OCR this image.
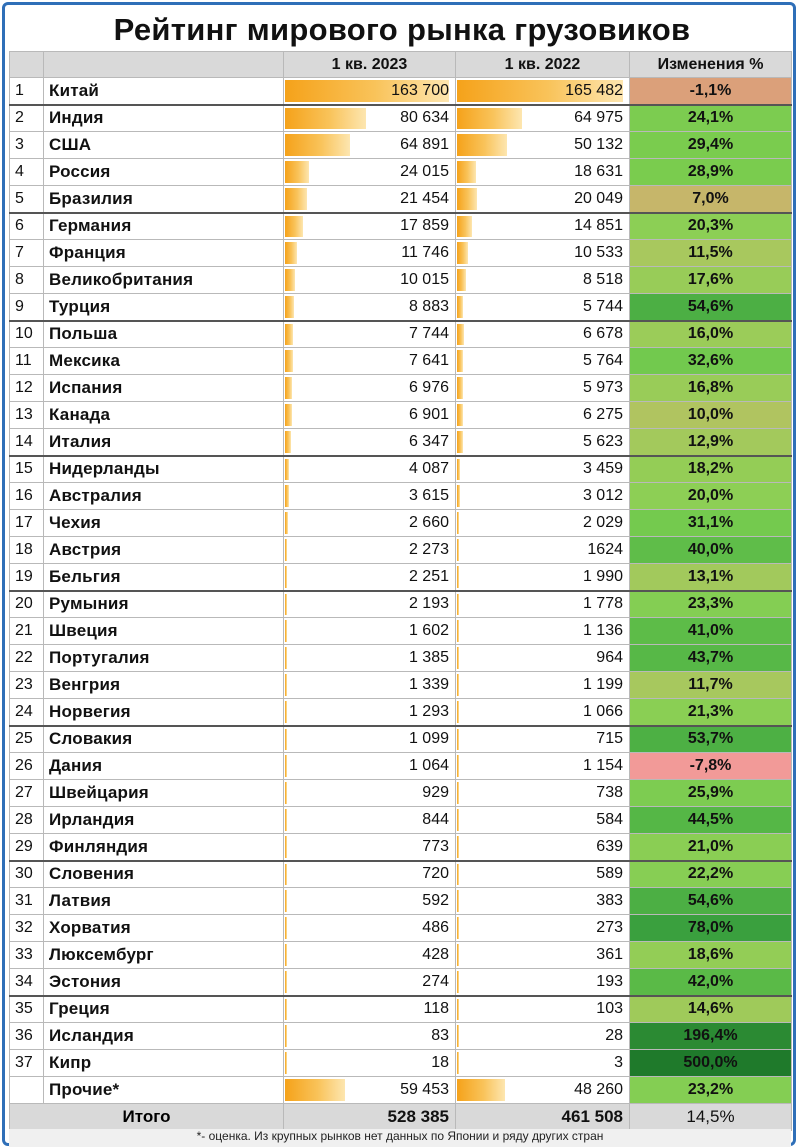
Рейтинг мирового рынка грузовиков
		1 кв. 2023	1 кв. 2022	Изменения %
1	Китай	163 700	165 482	-1,1%
2	Индия	80 634	64 975	24,1%
3	США	64 891	50 132	29,4%
4	Россия	24 015	18 631	28,9%
5	Бразилия	21 454	20 049	7,0%
6	Германия	17 859	14 851	20,3%
7	Франция	11 746	10 533	11,5%
8	Великобритания	10 015	8 518	17,6%
9	Турция	8 883	5 744	54,6%
10	Польша	7 744	6 678	16,0%
11	Мексика	7 641	5 764	32,6%
12	Испания	6 976	5 973	16,8%
13	Канада	6 901	6 275	10,0%
14	Италия	6 347	5 623	12,9%
15	Нидерланды	4 087	3 459	18,2%
16	Австралия	3 615	3 012	20,0%
17	Чехия	2 660	2 029	31,1%
18	Австрия	2 273	1624	40,0%
19	Бельгия	2 251	1 990	13,1%
20	Румыния	2 193	1 778	23,3%
21	Швеция	1 602	1 136	41,0%
22	Португалия	1 385	964	43,7%
23	Венгрия	1 339	1 199	11,7%
24	Норвегия	1 293	1 066	21,3%
25	Словакия	1 099	715	53,7%
26	Дания	1 064	1 154	-7,8%
27	Швейцария	929	738	25,9%
28	Ирландия	844	584	44,5%
29	Финляндия	773	639	21,0%
30	Словения	720	589	22,2%
31	Латвия	592	383	54,6%
32	Хорватия	486	273	78,0%
33	Люксембург	428	361	18,6%
34	Эстония	274	193	42,0%
35	Греция	118	103	14,6%
36	Исландия	83	28	196,4%
37	Кипр	18	3	500,0%
	Прочие*	59 453	48 260	23,2%
Итого		528 385	461 508	14,5%
*- оценка. Из крупных рынков нет данных по Японии и ряду других стран
